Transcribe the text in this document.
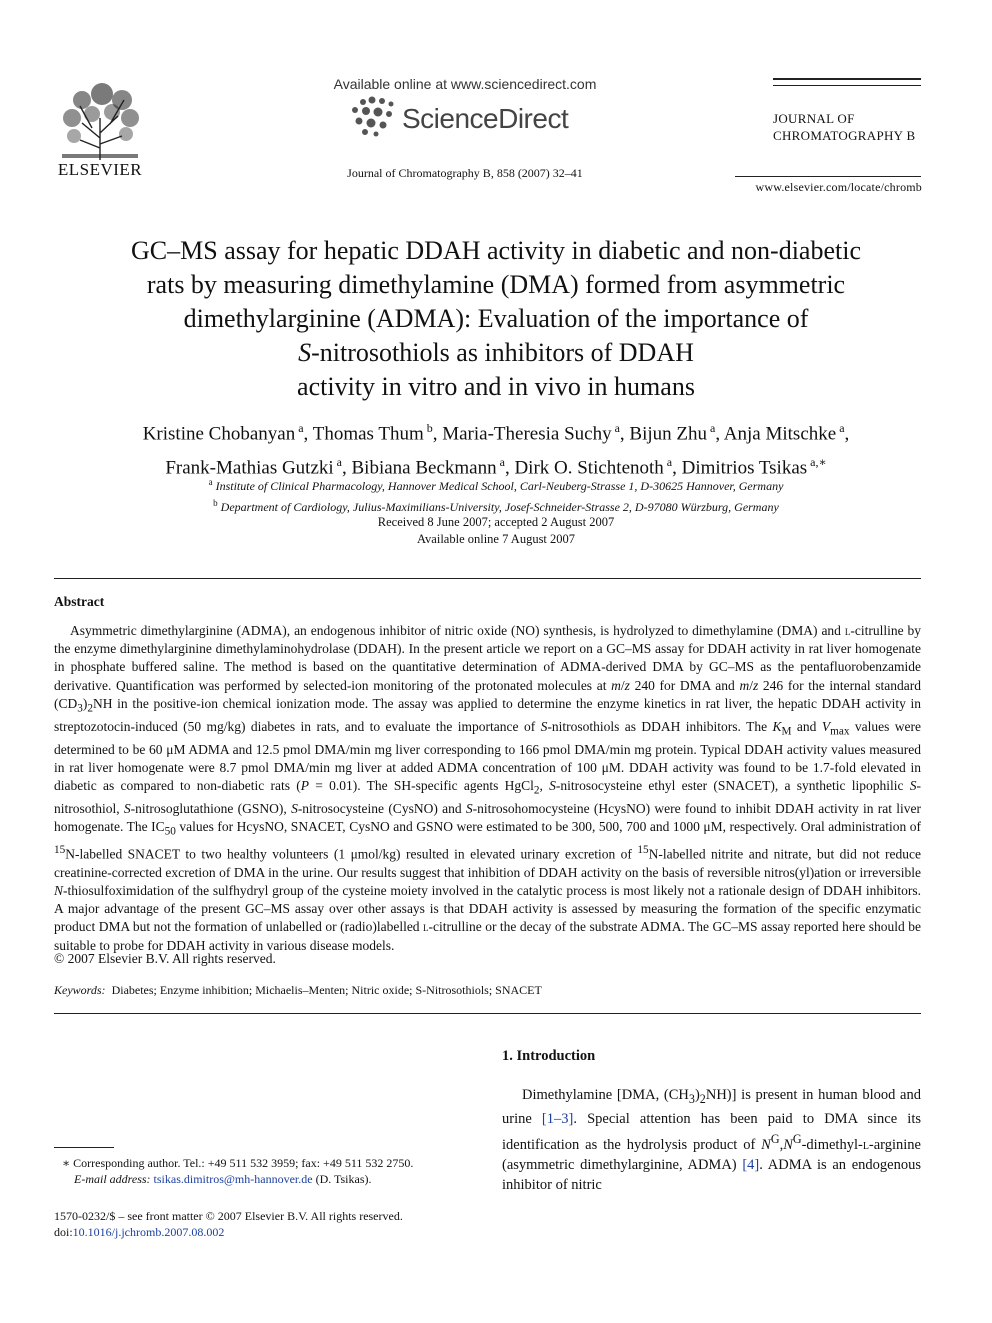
ELSEVIER
Available online at www.sciencedirect.com
ScienceDirect
Journal of Chromatography B, 858 (2007) 32–41
JOURNAL OF
CHROMATOGRAPHY B
www.elsevier.com/locate/chromb
GC–MS assay for hepatic DDAH activity in diabetic and non-diabetic
rats by measuring dimethylamine (DMA) formed from asymmetric
dimethylarginine (ADMA): Evaluation of the importance of
S-nitrosothiols as inhibitors of DDAH
activity in vitro and in vivo in humans
Kristine Chobanyan $^a$, Thomas Thum $^b$, Maria-Theresia Suchy $^a$, Bijun Zhu $^a$, Anja Mitschke $^a$,
Frank-Mathias Gutzki $^a$, Bibiana Beckmann $^a$, Dirk O. Stichtenoth $^a$, Dimitrios Tsikas $^{a,∗}$
$^a$ Institute of Clinical Pharmacology, Hannover Medical School, Carl-Neuberg-Strasse 1, D-30625 Hannover, Germany
$^b$ Department of Cardiology, Julius-Maximilians-University, Josef-Schneider-Strasse 2, D-97080 Würzburg, Germany
Received 8 June 2007; accepted 2 August 2007
Available online 7 August 2007
Abstract
Asymmetric dimethylarginine (ADMA), an endogenous inhibitor of nitric oxide (NO) synthesis, is hydrolyzed to dimethylamine (DMA) and l-citrulline by the enzyme dimethylarginine dimethylaminohydrolase (DDAH). In the present article we report on a GC–MS assay for DDAH activity in rat liver homogenate in phosphate buffered saline. The method is based on the quantitative determination of ADMA-derived DMA by GC–MS as the pentafluorobenzamide derivative. Quantification was performed by selected-ion monitoring of the protonated molecules at m/z 240 for DMA and m/z 246 for the internal standard $(CD_3)_2NH$ in the positive-ion chemical ionization mode. The assay was applied to determine the enzyme kinetics in rat liver, the hepatic DDAH activity in streptozotocin-induced (50 mg/kg) diabetes in rats, and to evaluate the importance of S-nitrosothiols as DDAH inhibitors. The $K_M$ and $V_{max}$ values were determined to be 60 μM ADMA and 12.5 pmol DMA/min mg liver corresponding to 166 pmol DMA/min mg protein. Typical DDAH activity values measured in rat liver homogenate were 8.7 pmol DMA/min mg liver at added ADMA concentration of 100 μM. DDAH activity was found to be 1.7-fold elevated in diabetic as compared to non-diabetic rats (P = 0.01). The SH-specific agents HgCl$_2$, S-nitrosocysteine ethyl ester (SNACET), a synthetic lipophilic S-nitrosothiol, S-nitrosoglutathione (GSNO), S-nitrosocysteine (CysNO) and S-nitrosohomocysteine (HcysNO) were found to inhibit DDAH activity in rat liver homogenate. The $IC_{50}$ values for HcysNO, SNACET, CysNO and GSNO were estimated to be 300, 500, 700 and 1000 μM, respectively. Oral administration of $^{15}$N-labelled SNACET to two healthy volunteers (1 μmol/kg) resulted in elevated urinary excretion of $^{15}$N-labelled nitrite and nitrate, but did not reduce creatinine-corrected excretion of DMA in the urine. Our results suggest that inhibition of DDAH activity on the basis of reversible nitros(yl)ation or irreversible N-thiosulfoximidation of the sulfhydryl group of the cysteine moiety involved in the catalytic process is most likely not a rationale design of DDAH inhibitors. A major advantage of the present GC–MS assay over other assays is that DDAH activity is assessed by measuring the formation of the specific enzymatic product DMA but not the formation of unlabelled or (radio)labelled l-citrulline or the decay of the substrate ADMA. The GC–MS assay reported here should be suitable to probe for DDAH activity in various disease models.
© 2007 Elsevier B.V. All rights reserved.
Keywords: Diabetes; Enzyme inhibition; Michaelis–Menten; Nitric oxide; S-Nitrosothiols; SNACET
1. Introduction
Dimethylamine [DMA, $(CH_3)_2NH$)] is present in human blood and urine [1–3]. Special attention has been paid to DMA since its identification as the hydrolysis product of $N^G,N^G-dimethyl-l$-arginine (asymmetric dimethylarginine, ADMA) [4]. ADMA is an endogenous inhibitor of nitric
∗ Corresponding author. Tel.: +49 511 532 3959; fax: +49 511 532 2750.
E-mail address: tsikas.dimitros@mh-hannover.de (D. Tsikas).
1570-0232/$ – see front matter © 2007 Elsevier B.V. All rights reserved.
doi:10.1016/j.jchromb.2007.08.002
